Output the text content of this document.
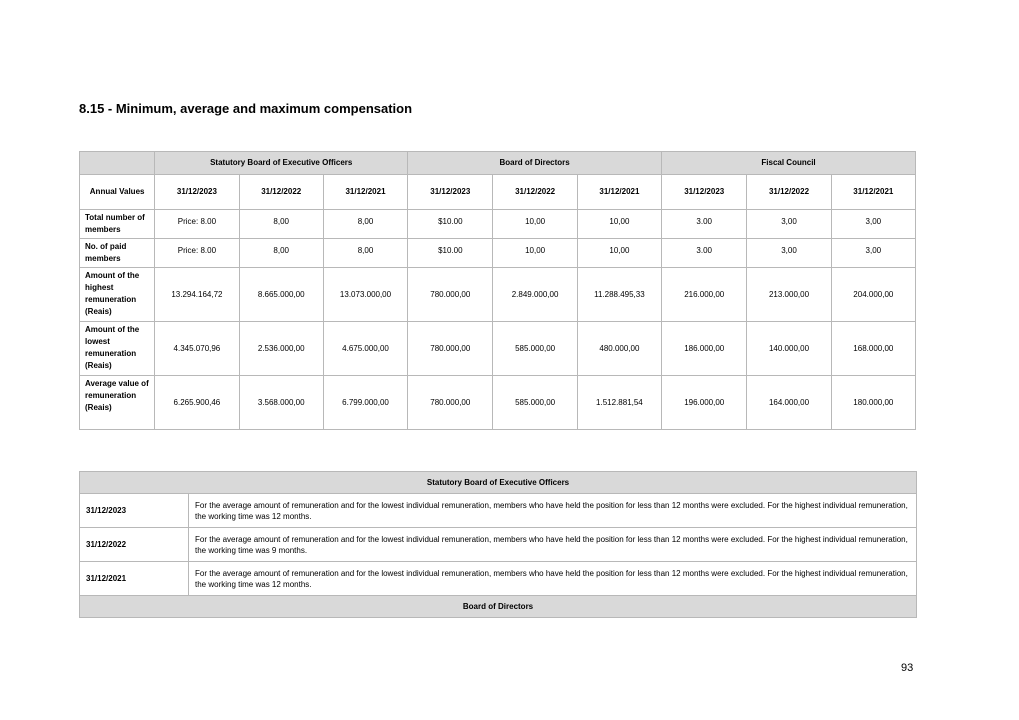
8.15 - Minimum, average and maximum compensation
	Statutory Board of Executive Officers			Board of Directors			Fiscal Council		
Annual Values	31/12/2023	31/12/2022	31/12/2021	31/12/2023	31/12/2022	31/12/2021	31/12/2023	31/12/2022	31/12/2021
Total number of members	Price: 8.00	8,00	8,00	$10.00	10,00	10,00	3.00	3,00	3,00
No. of paid members	Price: 8.00	8,00	8,00	$10.00	10,00	10,00	3.00	3,00	3,00
Amount of the highest remuneration (Reais)	13.294.164,72	8.665.000,00	13.073.000,00	780.000,00	2.849.000,00	11.288.495,33	216.000,00	213.000,00	204.000,00
Amount of the lowest remuneration (Reais)	4.345.070,96	2.536.000,00	4.675.000,00	780.000,00	585.000,00	480.000,00	186.000,00	140.000,00	168.000,00
Average value of remuneration (Reais)	6.265.900,46	3.568.000,00	6.799.000,00	780.000,00	585.000,00	1.512.881,54	196.000,00	164.000,00	180.000,00
Statutory Board of Executive Officers	
31/12/2023	For the average amount of remuneration and for the lowest individual remuneration, members who have held the position for less than 12 months were excluded. For the highest individual remuneration, the working time was 12 months.
31/12/2022	For the average amount of remuneration and for the lowest individual remuneration, members who have held the position for less than 12 months were excluded. For the highest individual remuneration, the working time was 9 months.
31/12/2021	For the average amount of remuneration and for the lowest individual remuneration, members who have held the position for less than 12 months were excluded. For the highest individual remuneration, the working time was 12 months.
Board of Directors	
93
